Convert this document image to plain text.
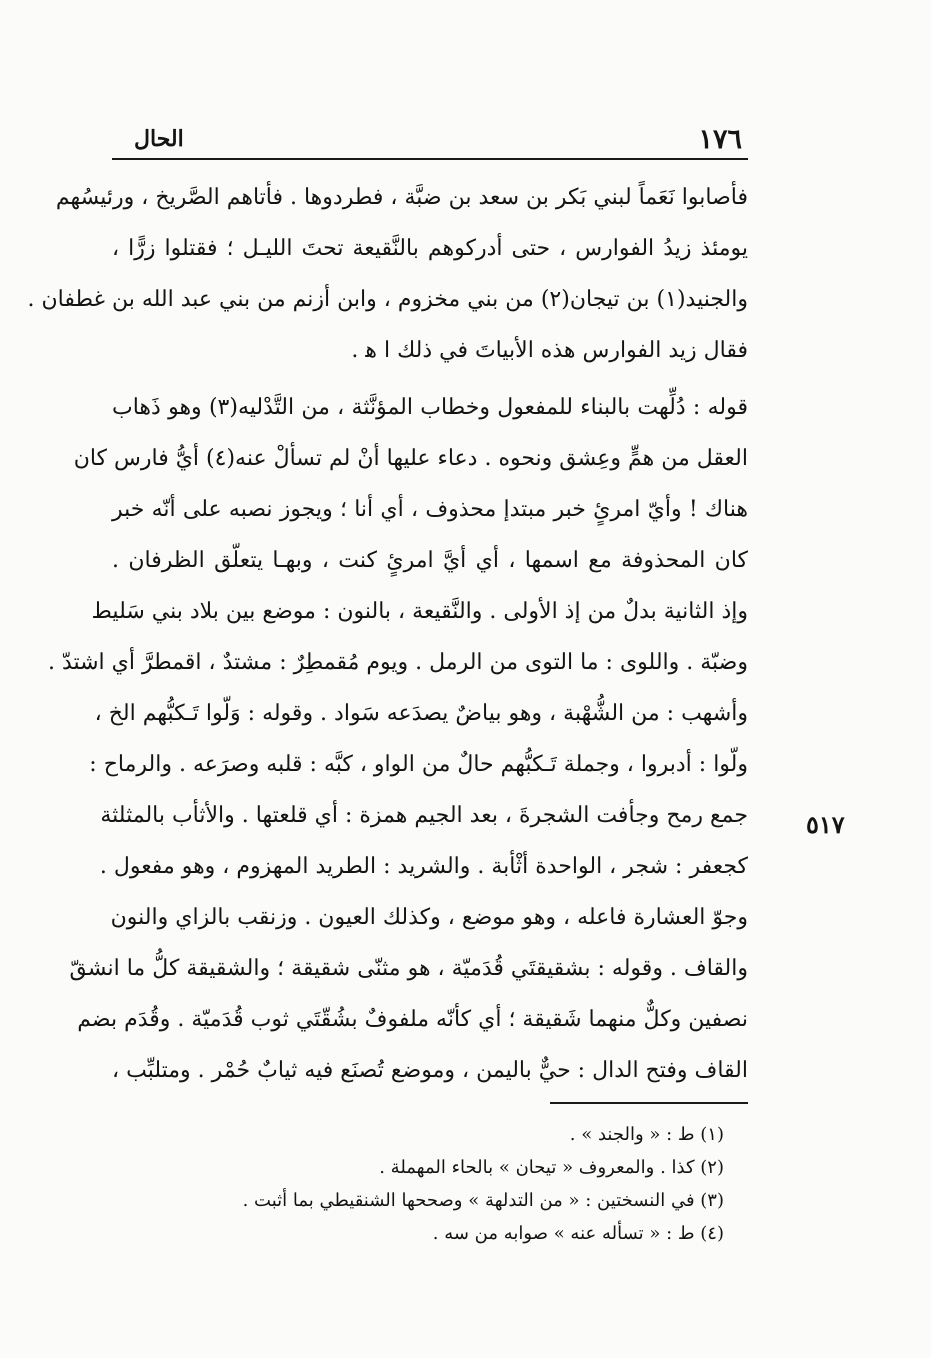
١٧٦
الحال
فأصابوا نَعَماً لبني بَكر بن سعد بن ضبَّة ، فطردوها . فأتاهم الصَّريخ ، ورئيسُهم
يومئذ زيدُ الفوارس ، حتى أدركوهم بالنَّقيعة تحتَ الليـل ؛ فقتلوا زرًّا ،
والجنيد(١) بن تيجان(٢) من بني مخزوم ، وابن أزنم من بني عبد الله بن غطفان .
فقال زيد الفوارس هذه الأبياتَ في ذلك ا ﻫ .
قوله : دُلِّهت بالبناء للمفعول وخطاب المؤنَّثة ، من التَّدْليه(٣) وهو ذَهاب
العقل من همٍّ وعِشق ونحوه . دعاء عليها أنْ لم تسألْ عنه(٤) أيُّ فارس كان
هناك ! وأيّ امرئٍ خبر مبتدإ محذوف ، أي أنا ؛ ويجوز نصبه على أنّه خبر
كان المحذوفة مع اسمها ، أي أيَّ امرئٍ كنت ، وبهـا يتعلّق الظرفان .
وإذ الثانية بدلٌ من إذ الأولى . والنَّقيعة ، بالنون : موضع بين بلاد بني سَليط
وضبّة . واللوى : ما التوى من الرمل . ويوم مُقمطِرٌ : مشتدٌ ، اقمطرَّ أي اشتدّ .
وأشهب : من الشُّهْبة ، وهو بياضٌ يصدَعه سَواد . وقوله : وَلّوا تَـكبُّهم الخ ،
ولّوا : أدبروا ، وجملة تَـكبُّهم حالٌ من الواو ، كبَّه : قلبه وصرَعه . والرماح :
جمع رمح وجأفت الشجرةَ ، بعد الجيم همزة : أي قلعتها . والأثأب بالمثلثة
كجعفر : شجر ، الواحدة أثْأبة . والشريد : الطريد المهزوم ، وهو مفعول .
وجوّ العشارة فاعله ، وهو موضع ، وكذلك العيون . وزنقب بالزاي والنون
والقاف . وقوله : بشقيقتَي قُدَميّة ، هو مثنّى شقيقة ؛ والشقيقة كلُّ ما انشقّ
نصفين وكلٌّ منهما شَقيقة ؛ أي كأنّه ملفوفٌ بشُقّتَي ثوب قُدَميّة . وقُدَم بضم
القاف وفتح الدال : حيٌّ باليمن ، وموضع تُصنَع فيه ثيابٌ حُمْر . ومتلبِّب ،
٥١٧
(١) ط : « والجند » .
(٢) كذا . والمعروف « تيحان » بالحاء المهملة .
(٣) في النسختين : « من التدلهة » وصححها الشنقيطي بما أثبت .
(٤) ط : « تسأله عنه » صوابه من سه .
